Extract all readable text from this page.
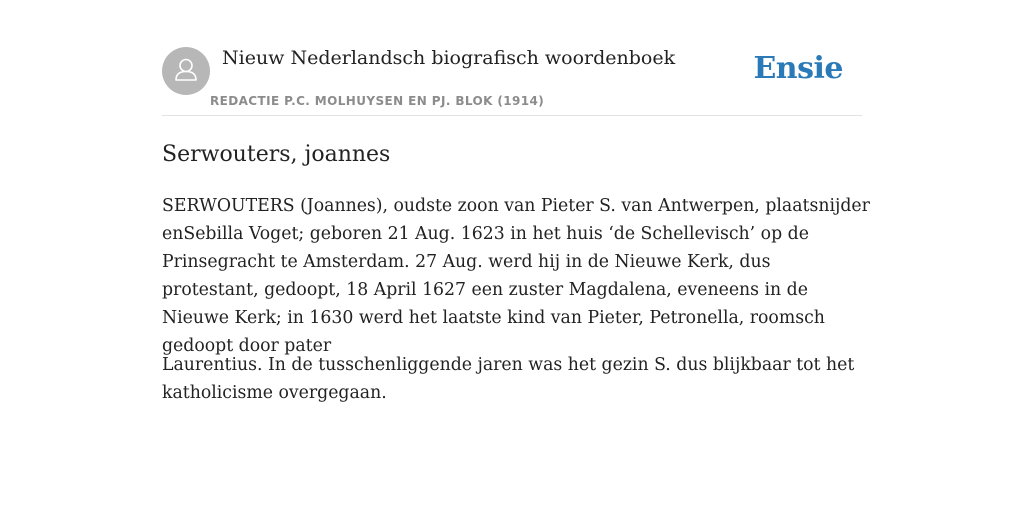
Nieuw Nederlandsch biografisch woordenboek
REDACTIE P.C. MOLHUYSEN EN PJ. BLOK (1914)
Ensie
Serwouters, joannes

SERWOUTERS (Joannes), oudste zoon van Pieter S. van Antwerpen, plaatsnijder enSebilla Voget; geboren 21 Aug. 1623 in het huis ‘de Schellevisch’ op de Prinsegracht te Amsterdam. 27 Aug. werd hij in de Nieuwe Kerk, dus protestant, gedoopt, 18 April 1627 een zuster Magdalena, eveneens in de Nieuwe Kerk; in 1630 werd het laatste kind van Pieter, Petronella, roomsch gedoopt door pater

Laurentius. In de tusschenliggende jaren was het gezin S. dus blijkbaar tot het katholicisme overgegaan.
